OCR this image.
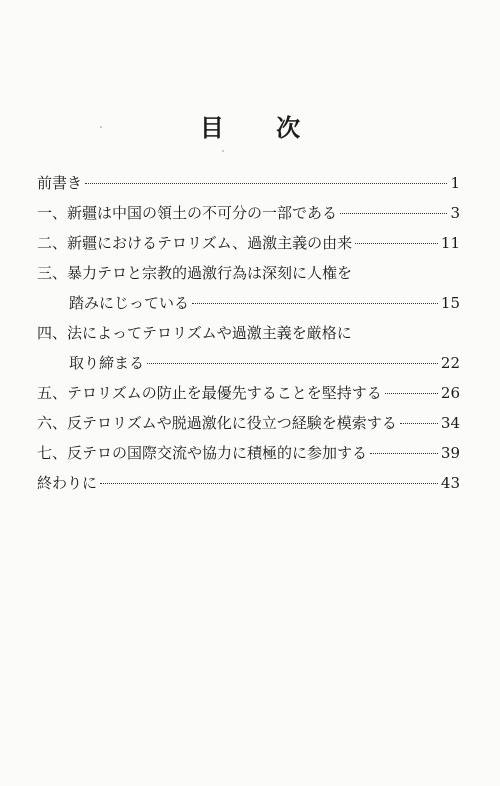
目 次
前書き	1
一、新疆は中国の領土の不可分の一部である	3
二、新疆におけるテロリズム、過激主義の由来	11
三、暴力テロと宗教的過激行為は深刻に人権を
踏みにじっている	15
四、法によってテロリズムや過激主義を厳格に
取り締まる	22
五、テロリズムの防止を最優先することを堅持する	26
六、反テロリズムや脱過激化に役立つ経験を模索する	34
七、反テロの国際交流や協力に積極的に参加する	39
終わりに	43
